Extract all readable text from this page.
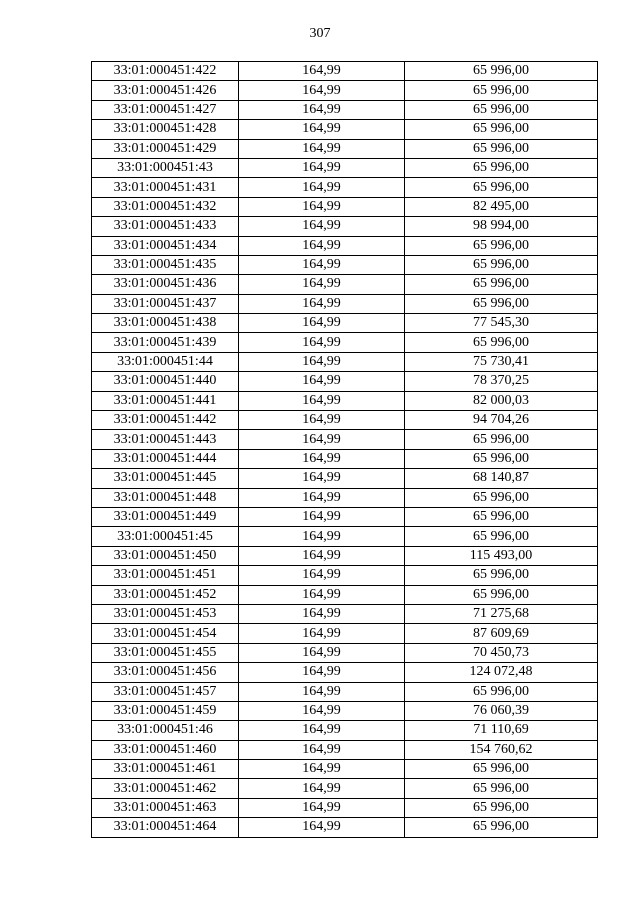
307
33:01:000451:422	164,99	65 996,00
33:01:000451:426	164,99	65 996,00
33:01:000451:427	164,99	65 996,00
33:01:000451:428	164,99	65 996,00
33:01:000451:429	164,99	65 996,00
33:01:000451:43	164,99	65 996,00
33:01:000451:431	164,99	65 996,00
33:01:000451:432	164,99	82 495,00
33:01:000451:433	164,99	98 994,00
33:01:000451:434	164,99	65 996,00
33:01:000451:435	164,99	65 996,00
33:01:000451:436	164,99	65 996,00
33:01:000451:437	164,99	65 996,00
33:01:000451:438	164,99	77 545,30
33:01:000451:439	164,99	65 996,00
33:01:000451:44	164,99	75 730,41
33:01:000451:440	164,99	78 370,25
33:01:000451:441	164,99	82 000,03
33:01:000451:442	164,99	94 704,26
33:01:000451:443	164,99	65 996,00
33:01:000451:444	164,99	65 996,00
33:01:000451:445	164,99	68 140,87
33:01:000451:448	164,99	65 996,00
33:01:000451:449	164,99	65 996,00
33:01:000451:45	164,99	65 996,00
33:01:000451:450	164,99	115 493,00
33:01:000451:451	164,99	65 996,00
33:01:000451:452	164,99	65 996,00
33:01:000451:453	164,99	71 275,68
33:01:000451:454	164,99	87 609,69
33:01:000451:455	164,99	70 450,73
33:01:000451:456	164,99	124 072,48
33:01:000451:457	164,99	65 996,00
33:01:000451:459	164,99	76 060,39
33:01:000451:46	164,99	71 110,69
33:01:000451:460	164,99	154 760,62
33:01:000451:461	164,99	65 996,00
33:01:000451:462	164,99	65 996,00
33:01:000451:463	164,99	65 996,00
33:01:000451:464	164,99	65 996,00
